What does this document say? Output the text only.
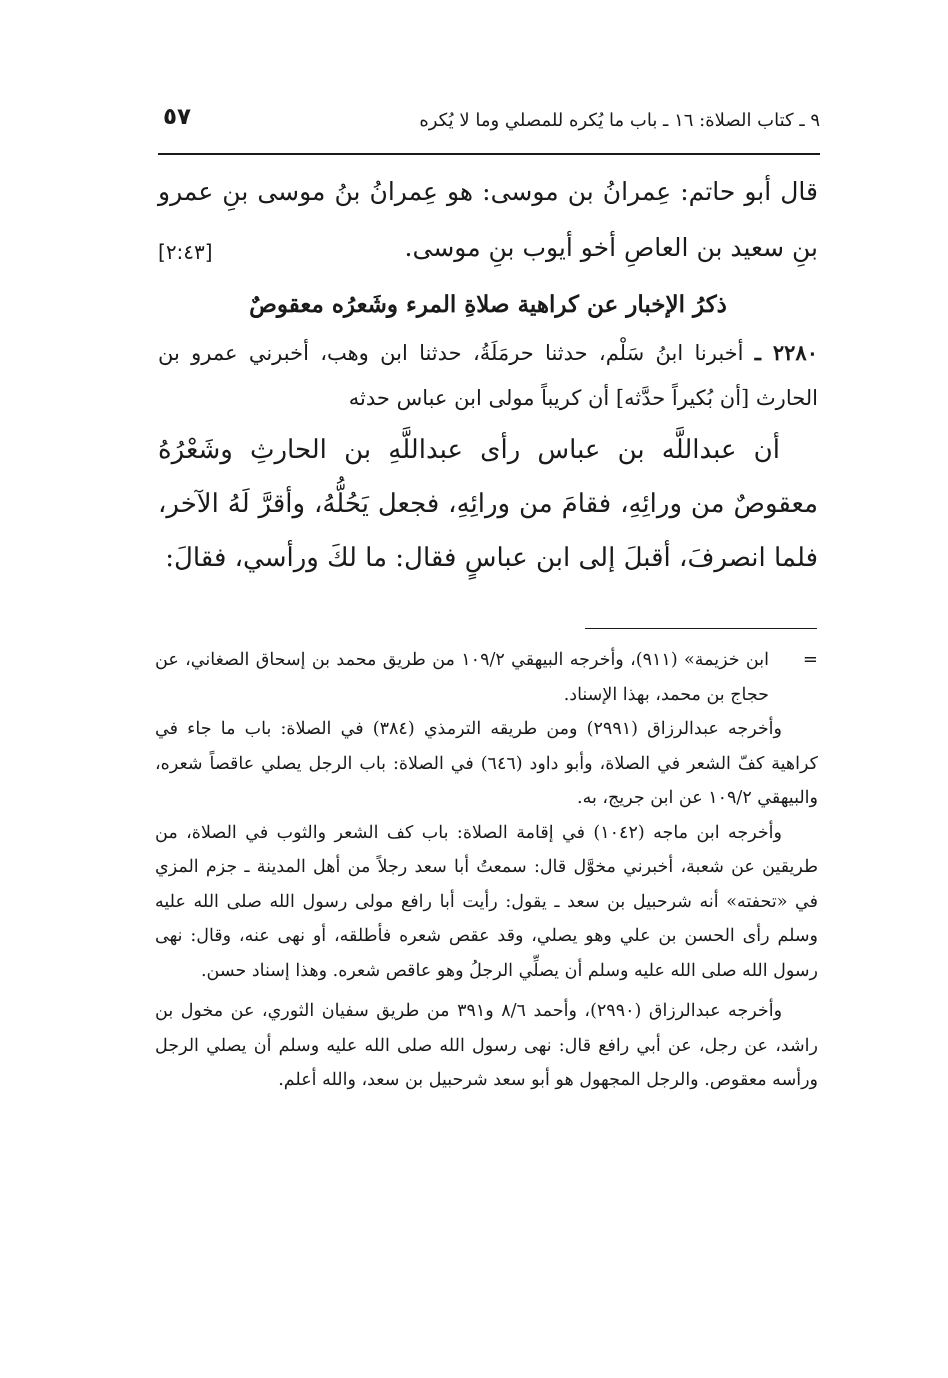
٥٧	٩ ـ كتاب الصلاة: ١٦ ـ باب ما يُكره للمصلي وما لا يُكره

قال أبو حاتم: عِمرانُ بن موسى: هو عِمرانُ بنُ موسى بنِ عمرو بنِ سعيد بن العاصِ أخو أيوب بنِ موسى.
[٢:٤٣]

ذكرُ الإخبار عن كراهية صلاةِ المرء وشَعرُه معقوصٌ

٢٢٨٠ ـ أخبرنا ابنُ سَلْم، حدثنا حرمَلَةُ، حدثنا ابن وهب، أخبرني عمرو بن الحارث [أن بُكيراً حدَّثه] أن كريباً مولى ابن عباس حدثه

أن عبداللَّه بن عباس رأى عبداللَّهِ بن الحارثِ وشَعْرُهُ معقوصٌ من ورائِهِ، فقامَ من ورائِهِ، فجعل يَحُلُّهُ، وأقرَّ لَهُ الآخر، فلما انصرفَ، أقبلَ إلى ابن عباسٍ فقال: ما لكَ ورأسي، فقالَ:

=
ابن خزيمة» (٩١١)، وأخرجه البيهقي ١٠٩/٢ من طريق محمد بن إسحاق الصغاني، عن حجاج بن محمد، بهذا الإسناد.

وأخرجه عبدالرزاق (٢٩٩١) ومن طريقه الترمذي (٣٨٤) في الصلاة: باب ما جاء في كراهية كفّ الشعر في الصلاة، وأبو داود (٦٤٦) في الصلاة: باب الرجل يصلي عاقصاً شعره، والبيهقي ١٠٩/٢ عن ابن جريج، به.

وأخرجه ابن ماجه (١٠٤٢) في إقامة الصلاة: باب كف الشعر والثوب في الصلاة، من طريقين عن شعبة، أخبرني مخوَّل قال: سمعتُ أبا سعد رجلاً من أهل المدينة ـ جزم المزي في «تحفته» أنه شرحبيل بن سعد ـ يقول: رأيت أبا رافع مولى رسول الله صلى الله عليه وسلم رأى الحسن بن علي وهو يصلي، وقد عقص شعره فأطلقه، أو نهى عنه، وقال: نهى رسول الله صلى الله عليه وسلم أن يصلِّي الرجلُ وهو عاقص شعره. وهذا إسناد حسن.

وأخرجه عبدالرزاق (٢٩٩٠)، وأحمد ٨/٦ و٣٩١ من طريق سفيان الثوري، عن مخول بن راشد، عن رجل، عن أبي رافع قال: نهى رسول الله صلى الله عليه وسلم أن يصلي الرجل ورأسه معقوص. والرجل المجهول هو أبو سعد شرحبيل بن سعد، والله أعلم.
